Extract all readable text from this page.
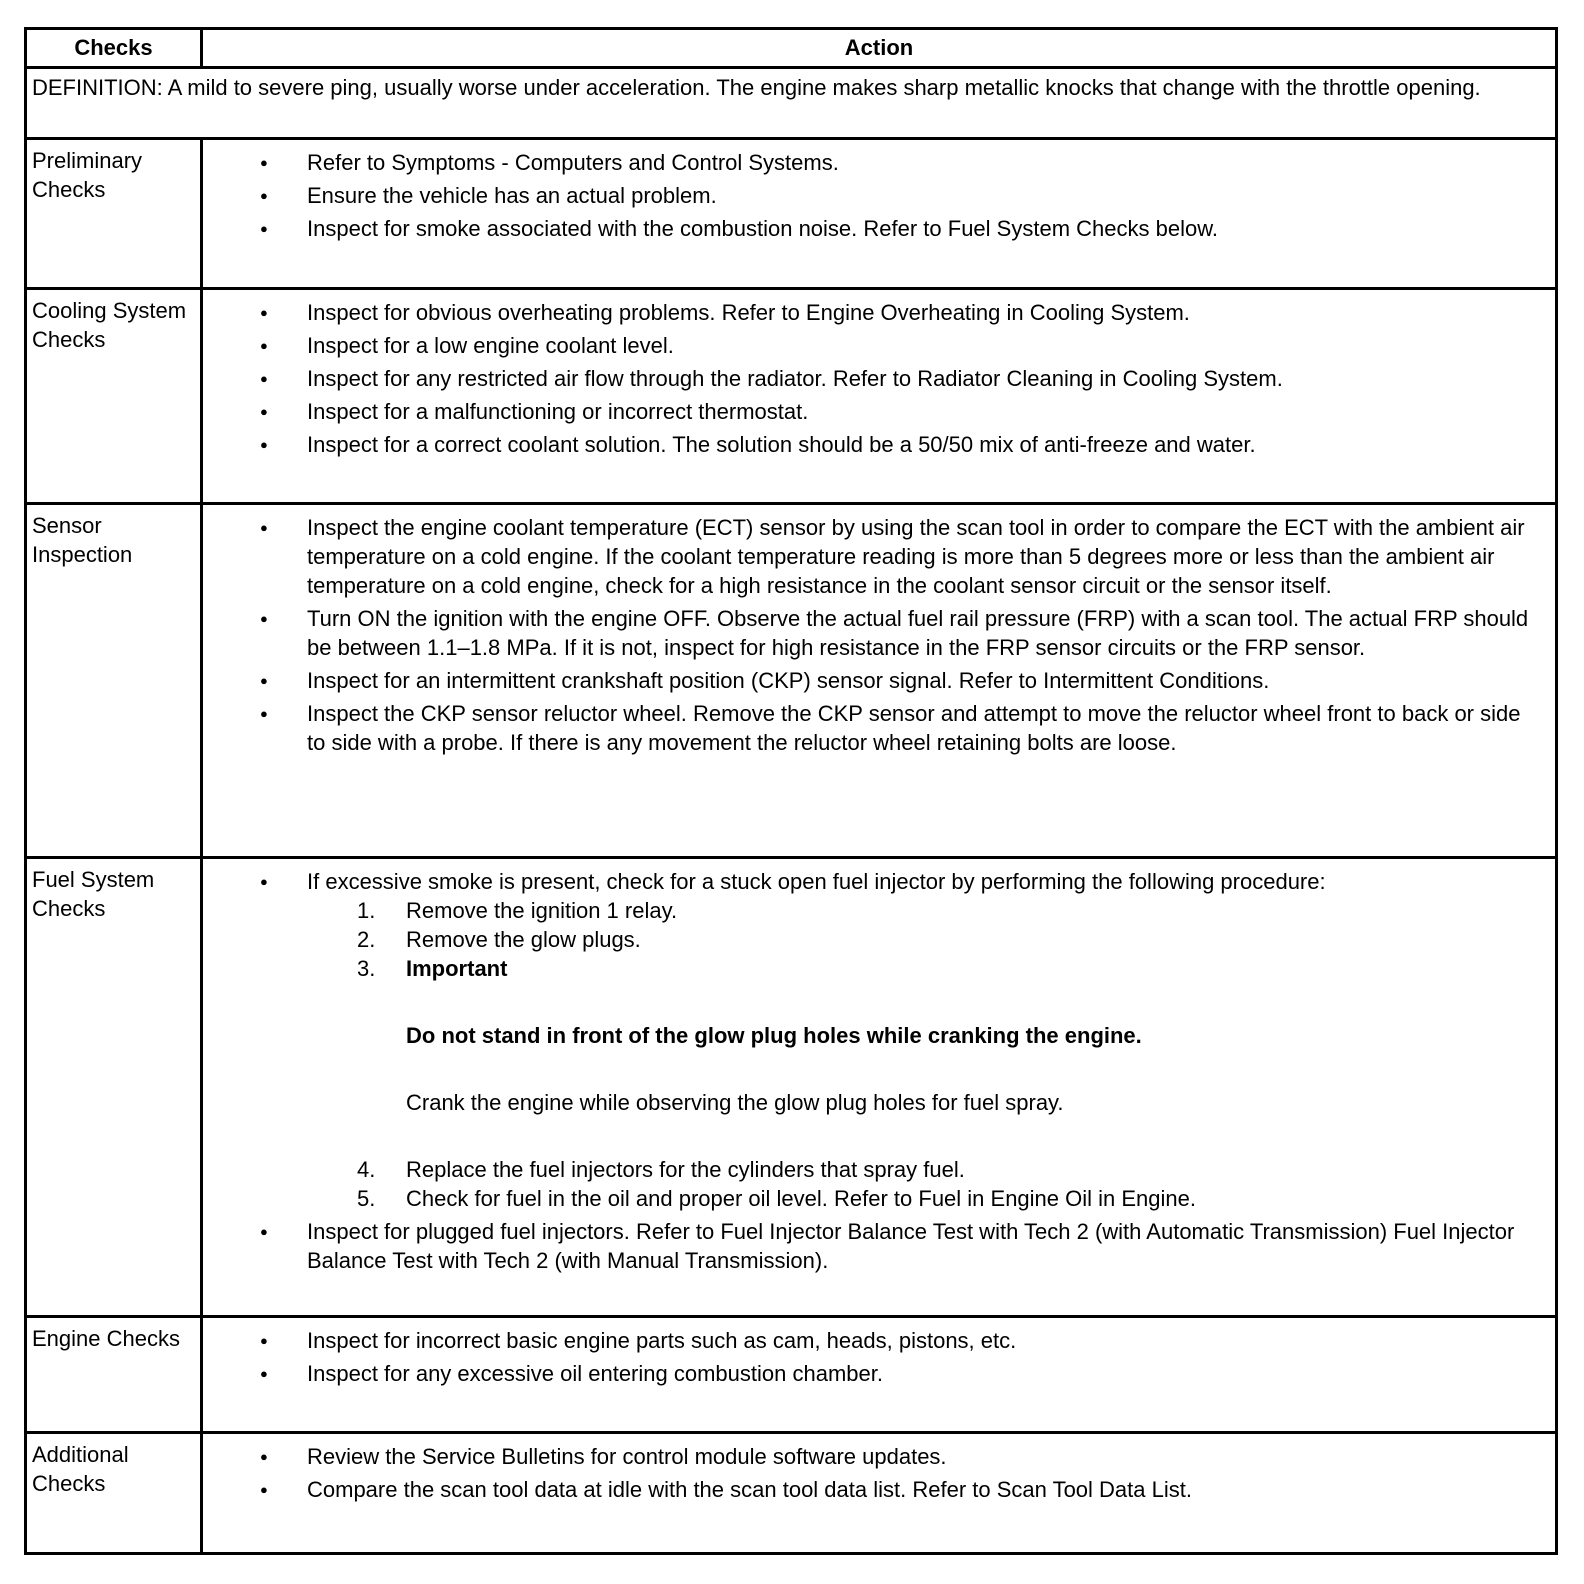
Checks	Action
DEFINITION: A mild to severe ping, usually worse under acceleration. The engine makes sharp metallic knocks that change with the throttle opening.
Preliminary Checks
● Refer to Symptoms - Computers and Control Systems.
● Ensure the vehicle has an actual problem.
● Inspect for smoke associated with the combustion noise. Refer to Fuel System Checks below.
Cooling System Checks
● Inspect for obvious overheating problems. Refer to Engine Overheating in Cooling System.
● Inspect for a low engine coolant level.
● Inspect for any restricted air flow through the radiator. Refer to Radiator Cleaning in Cooling System.
● Inspect for a malfunctioning or incorrect thermostat.
● Inspect for a correct coolant solution. The solution should be a 50/50 mix of anti-freeze and water.
Sensor Inspection
● Inspect the engine coolant temperature (ECT) sensor by using the scan tool in order to compare the ECT with the ambient air temperature on a cold engine. If the coolant temperature reading is more than 5 degrees more or less than the ambient air temperature on a cold engine, check for a high resistance in the coolant sensor circuit or the sensor itself.
● Turn ON the ignition with the engine OFF. Observe the actual fuel rail pressure (FRP) with a scan tool. The actual FRP should be between 1.1–1.8 MPa. If it is not, inspect for high resistance in the FRP sensor circuits or the FRP sensor.
● Inspect for an intermittent crankshaft position (CKP) sensor signal. Refer to Intermittent Conditions.
● Inspect the CKP sensor reluctor wheel. Remove the CKP sensor and attempt to move the reluctor wheel front to back or side to side with a probe. If there is any movement the reluctor wheel retaining bolts are loose.
Fuel System Checks
● If excessive smoke is present, check for a stuck open fuel injector by performing the following procedure:
1. Remove the ignition 1 relay.
2. Remove the glow plugs.
3. Important
Do not stand in front of the glow plug holes while cranking the engine.
Crank the engine while observing the glow plug holes for fuel spray.
4. Replace the fuel injectors for the cylinders that spray fuel.
5. Check for fuel in the oil and proper oil level. Refer to Fuel in Engine Oil in Engine.
● Inspect for plugged fuel injectors. Refer to Fuel Injector Balance Test with Tech 2 (with Automatic Transmission) Fuel Injector Balance Test with Tech 2 (with Manual Transmission).
Engine Checks
●	Inspect for incorrect basic engine parts such as cam, heads, pistons, etc.
● Inspect for any excessive oil entering combustion chamber.
Additional Checks
● Review the Service Bulletins for control module software updates.
● Compare the scan tool data at idle with the scan tool data list. Refer to Scan Tool Data List.
